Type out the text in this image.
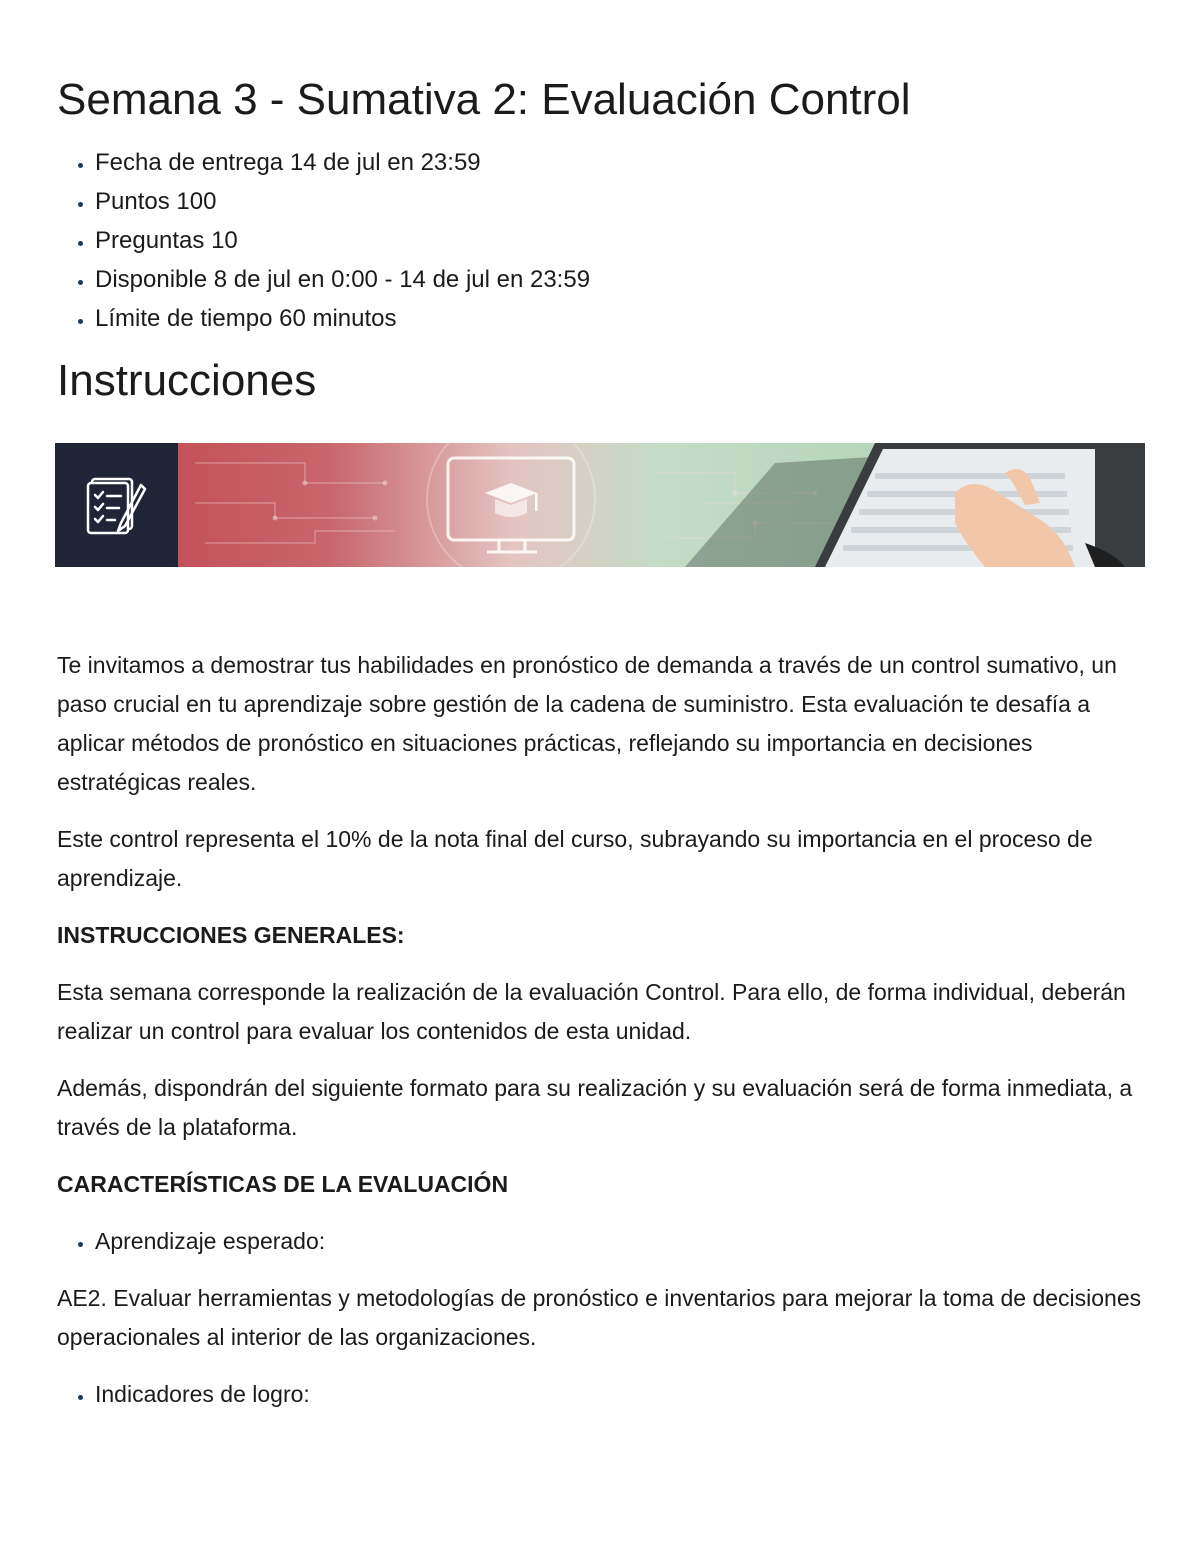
Semana 3 - Sumativa 2: Evaluación Control
• Fecha de entrega 14 de jul en 23:59
• Puntos 100
• Preguntas 10
• Disponible 8 de jul en 0:00 - 14 de jul en 23:59
• Límite de tiempo 60 minutos
Instrucciones

Te invitamos a demostrar tus habilidades en pronóstico de demanda a través de un control sumativo, un paso crucial en tu aprendizaje sobre gestión de la cadena de suministro. Esta evaluación te desafía a aplicar métodos de pronóstico en situaciones prácticas, reflejando su importancia en decisiones estratégicas reales.

Este control representa el 10% de la nota final del curso, subrayando su importancia en el proceso de aprendizaje.

INSTRUCCIONES GENERALES:

Esta semana corresponde la realización de la evaluación Control. Para ello, de forma individual, deberán realizar un control para evaluar los contenidos de esta unidad.

Además, dispondrán del siguiente formato para su realización y su evaluación será de forma inmediata, a través de la plataforma.

CARACTERÍSTICAS DE LA EVALUACIÓN

• Aprendizaje esperado:

AE2. Evaluar herramientas y metodologías de pronóstico e inventarios para mejorar la toma de decisiones operacionales al interior de las organizaciones.

• Indicadores de logro:
